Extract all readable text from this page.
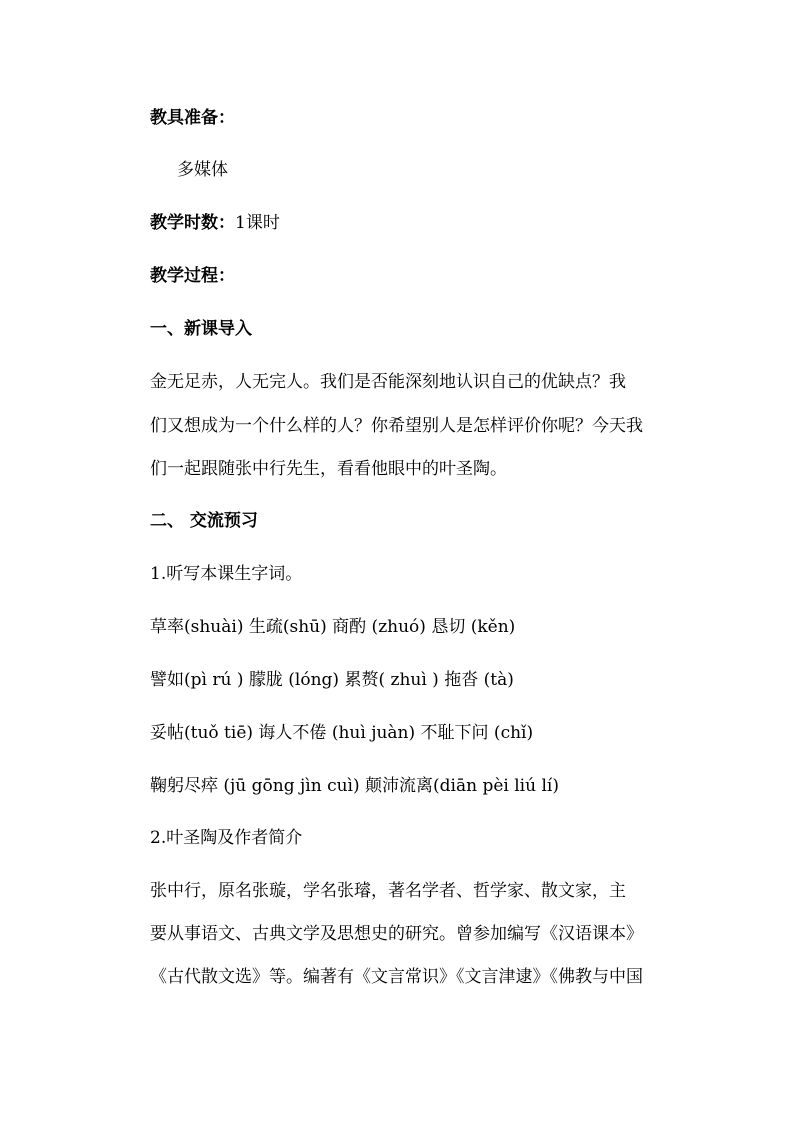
教具准备：
多媒体
教学时数：1课时
教学过程：
一、新课导入
金无足赤，人无完人。我们是否能深刻地认识自己的优缺点？我
们又想成为一个什么样的人？你希望别人是怎样评价你呢？今天我
们一起跟随张中行先生，看看他眼中的叶圣陶。
二、 交流预习
1.听写本课生字词。
草率(shuài) 生疏(shū) 商酌 (zhuó) 恳切 (kěn)
譬如(pì rú ) 朦胧 (lóng) 累赘( zhuì ) 拖沓 (tà)
妥帖(tuǒ tiē) 诲人不倦 (huì juàn) 不耻下问 (chǐ)
鞠躬尽瘁 (jū gōng jìn cuì) 颠沛流离(diān pèi liú lí)
2.叶圣陶及作者简介
张中行，原名张璇，学名张璿，著名学者、哲学家、散文家，主
要从事语文、古典文学及思想史的研究。曾参加编写《汉语课本》
《古代散文选》等。编著有《文言常识》《文言津逮》《佛教与中国
